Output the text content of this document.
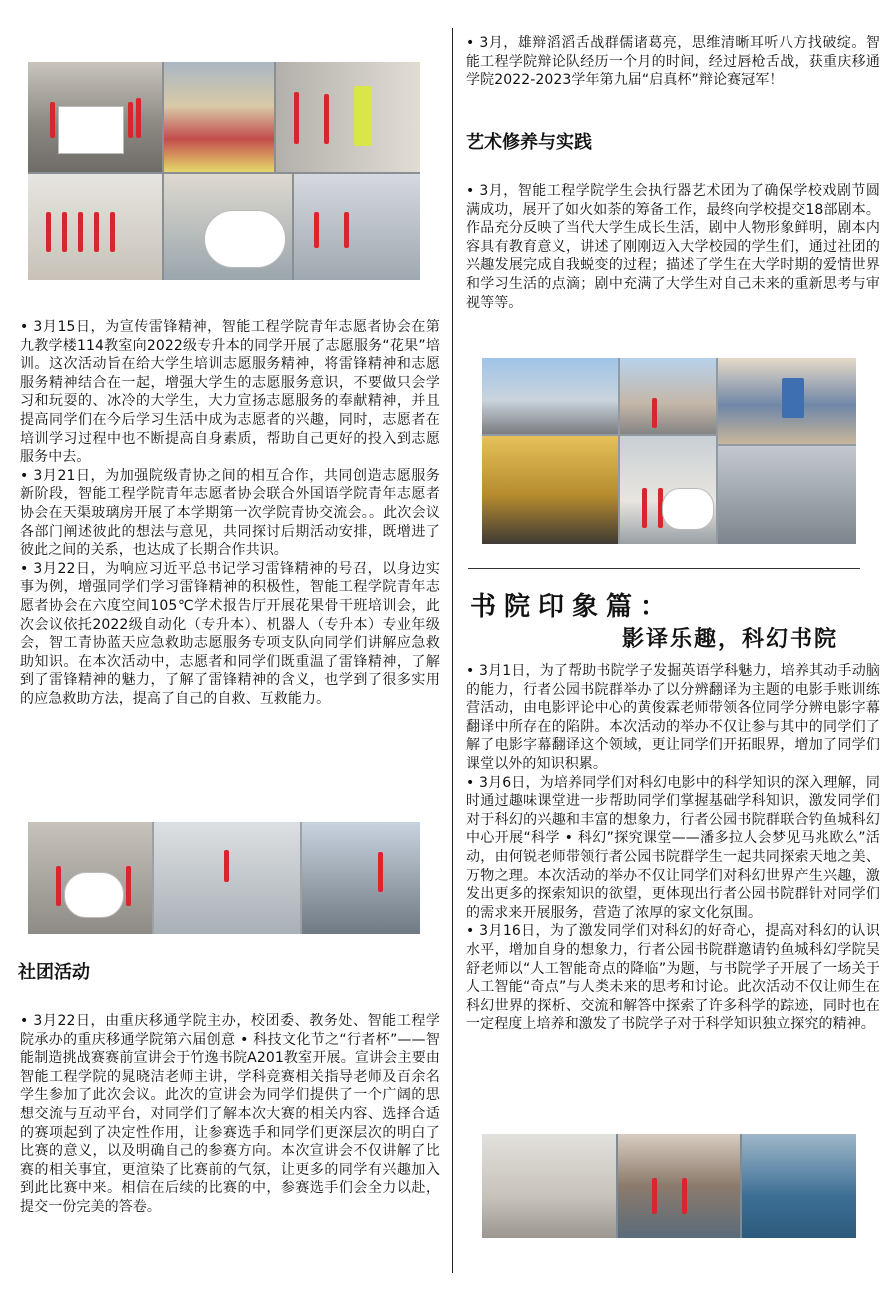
• 3月15日，为宣传雷锋精神，智能工程学院青年志愿者协会在第九教学楼114教室向2022级专升本的同学开展了志愿服务“花果”培训。这次活动旨在给大学生培训志愿服务精神，将雷锋精神和志愿服务精神结合在一起，增强大学生的志愿服务意识，不要做只会学习和玩耍的、冰冷的大学生，大力宣扬志愿服务的奉献精神，并且提高同学们在今后学习生活中成为志愿者的兴趣，同时，志愿者在培训学习过程中也不断提高自身素质，帮助自己更好的投入到志愿服务中去。
• 3月21日，为加强院级青协之间的相互合作，共同创造志愿服务新阶段，智能工程学院青年志愿者协会联合外国语学院青年志愿者协会在天渠玻璃房开展了本学期第一次学院青协交流会。。此次会议各部门阐述彼此的想法与意见，共同探讨后期活动安排，既增进了彼此之间的关系，也达成了长期合作共识。
• 3月22日，为响应习近平总书记学习雷锋精神的号召，以身边实事为例，增强同学们学习雷锋精神的积极性，智能工程学院青年志愿者协会在六度空间105℃学术报告厅开展花果骨干班培训会，此次会议依托2022级自动化（专升本）、机器人（专升本）专业年级会，智工青协蓝天应急救助志愿服务专项支队向同学们讲解应急救助知识。在本次活动中，志愿者和同学们既重温了雷锋精神，了解到了雷锋精神的魅力，了解了雷锋精神的含义，也学到了很多实用的应急救助方法，提高了自己的自救、互救能力。

社团活动

• 3月22日，由重庆移通学院主办，校团委、教务处、智能工程学院承办的重庆移通学院第六届创意 • 科技文化节之“行者杯”——智能制造挑战赛赛前宣讲会于竹逸书院A201教室开展。宣讲会主要由智能工程学院的晁晓洁老师主讲，学科竞赛相关指导老师及百余名学生参加了此次会议。此次的宣讲会为同学们提供了一个广阔的思想交流与互动平台，对同学们了解本次大赛的相关内容、选择合适的赛项起到了决定性作用，让参赛选手和同学们更深层次的明白了比赛的意义，以及明确自己的参赛方向。本次宣讲会不仅讲解了比赛的相关事宜，更渲染了比赛前的气氛，让更多的同学有兴趣加入到此比赛中来。相信在后续的比赛的中，参赛选手们会全力以赴，提交一份完美的答卷。

• 3月，雄辩滔滔舌战群儒诸葛亮，思维清晰耳听八方找破绽。智能工程学院辩论队经历一个月的时间，经过唇枪舌战，获重庆移通学院2022-2023学年第九届“启真杯”辩论赛冠军！

艺术修养与实践

• 3月，智能工程学院学生会执行器艺术团为了确保学校戏剧节圆满成功，展开了如火如荼的筹备工作，最终向学校提交18部剧本。作品充分反映了当代大学生成长生活，剧中人物形象鲜明，剧本内容具有教育意义，讲述了刚刚迈入大学校园的学生们，通过社团的兴趣发展完成自我蜕变的过程；描述了学生在大学时期的爱情世界和学习生活的点滴；剧中充满了大学生对自己未来的重新思考与审视等等。

书院印象篇：
影译乐趣，科幻书院

• 3月1日，为了帮助书院学子发掘英语学科魅力，培养其动手动脑的能力，行者公园书院群举办了以分辨翻译为主题的电影手账训练营活动，由电影评论中心的黄俊霖老师带领各位同学分辨电影字幕翻译中所存在的陷阱。本次活动的举办不仅让参与其中的同学们了解了电影字幕翻译这个领域，更让同学们开拓眼界，增加了同学们课堂以外的知识积累。
• 3月6日，为培养同学们对科幻电影中的科学知识的深入理解，同时通过趣味课堂进一步帮助同学们掌握基础学科知识，激发同学们对于科幻的兴趣和丰富的想象力，行者公园书院群联合钓鱼城科幻中心开展“科学 • 科幻”探究课堂——潘多拉人会梦见马兆欧么”活动，由何锐老师带领行者公园书院群学生一起共同探索天地之美、万物之理。本次活动的举办不仅让同学们对科幻世界产生兴趣，激发出更多的探索知识的欲望，更体现出行者公园书院群针对同学们的需求来开展服务，营造了浓厚的家文化氛围。
• 3月16日，为了激发同学们对科幻的好奇心，提高对科幻的认识水平，增加自身的想象力，行者公园书院群邀请钓鱼城科幻学院吴舒老师以“人工智能奇点的降临”为题，与书院学子开展了一场关于人工智能“奇点”与人类未来的思考和讨论。此次活动不仅让师生在科幻世界的探析、交流和解答中探索了许多科学的踪迹，同时也在一定程度上培养和激发了书院学子对于科学知识独立探究的精神。
